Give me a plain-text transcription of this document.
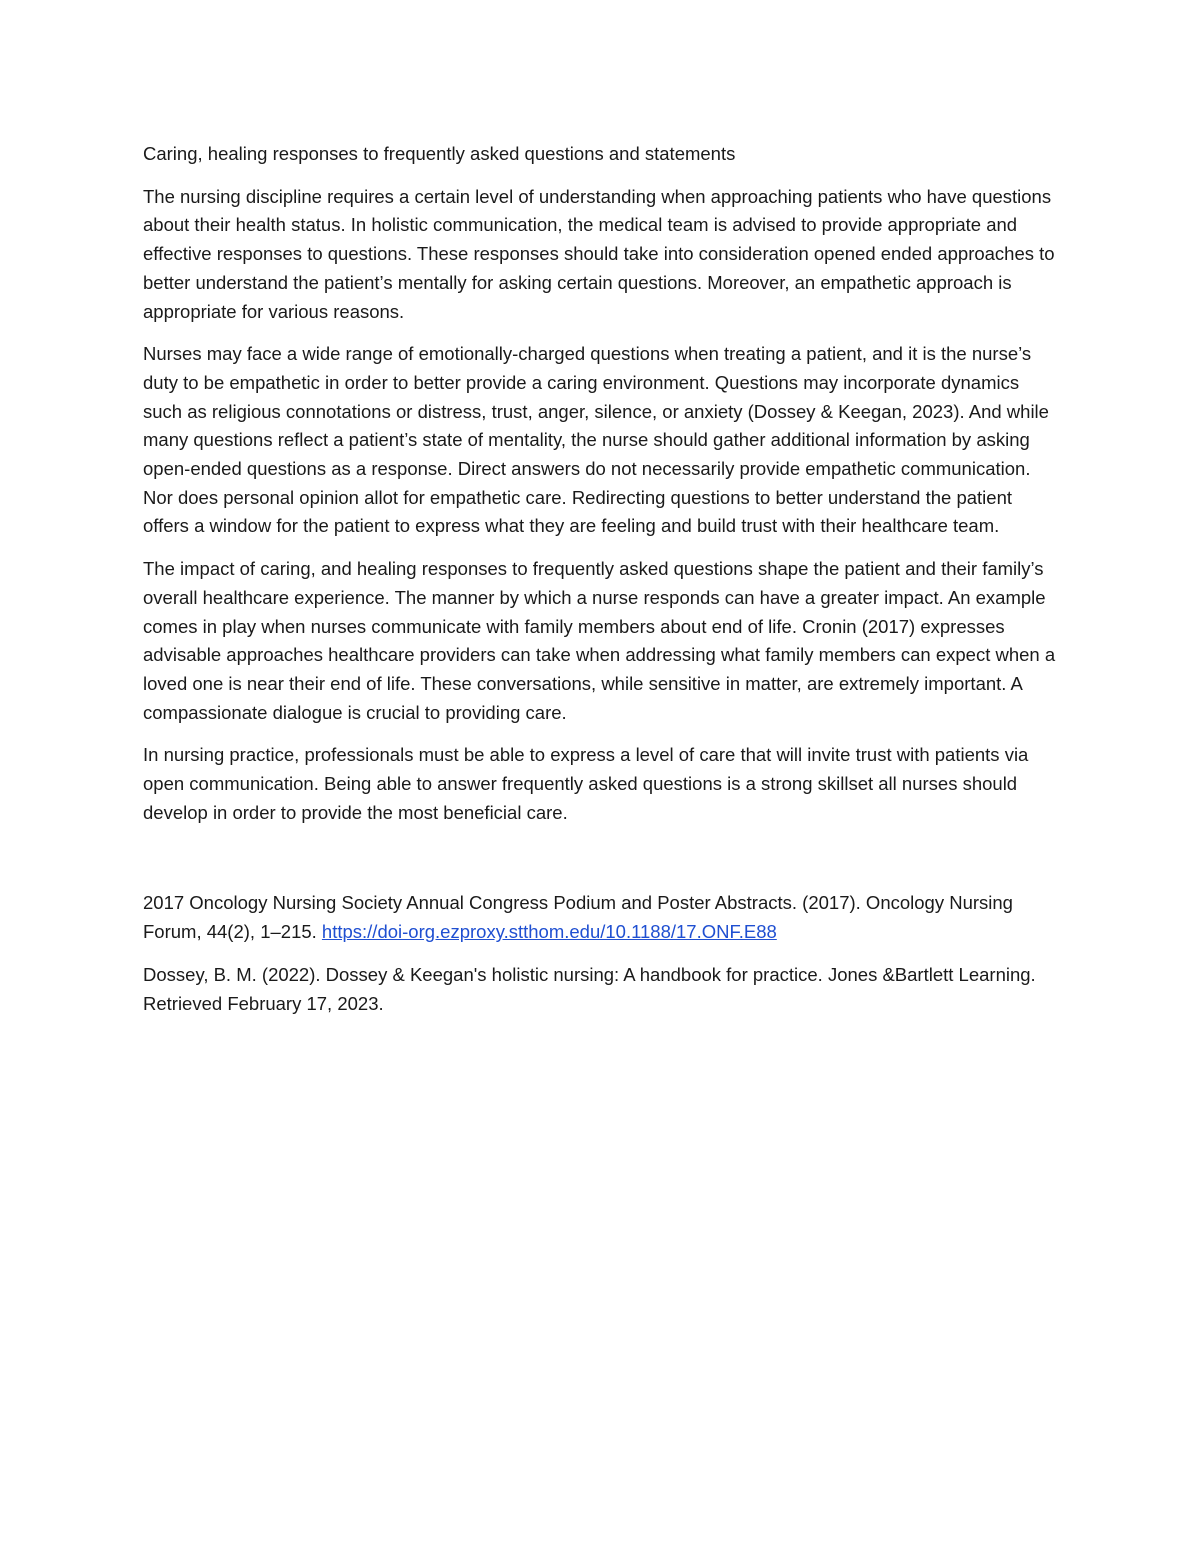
Caring, healing responses to frequently asked questions and statements

The nursing discipline requires a certain level of understanding when approaching patients who have questions about their health status. In holistic communication, the medical team is advised to provide appropriate and effective responses to questions. These responses should take into consideration opened ended approaches to better understand the patient’s mentally for asking certain questions. Moreover, an empathetic approach is appropriate for various reasons.

Nurses may face a wide range of emotionally-charged questions when treating a patient, and it is the nurse’s duty to be empathetic in order to better provide a caring environment. Questions may incorporate dynamics such as religious connotations or distress, trust, anger, silence, or anxiety (Dossey & Keegan, 2023). And while many questions reflect a patient’s state of mentality, the nurse should gather additional information by asking open-ended questions as a response. Direct answers do not necessarily provide empathetic communication. Nor does personal opinion allot for empathetic care. Redirecting questions to better understand the patient offers a window for the patient to express what they are feeling and build trust with their healthcare team.

The impact of caring, and healing responses to frequently asked questions shape the patient and their family’s overall healthcare experience. The manner by which a nurse responds can have a greater impact. An example comes in play when nurses communicate with family members about end of life. Cronin (2017) expresses advisable approaches healthcare providers can take when addressing what family members can expect when a loved one is near their end of life. These conversations, while sensitive in matter, are extremely important. A compassionate dialogue is crucial to providing care.

In nursing practice, professionals must be able to express a level of care that will invite trust with patients via open communication. Being able to answer frequently asked questions is a strong skillset all nurses should develop in order to provide the most beneficial care.

2017 Oncology Nursing Society Annual Congress Podium and Poster Abstracts. (2017). Oncology Nursing Forum, 44(2), 1–215. https://doi-org.ezproxy.stthom.edu/10.1188/17.ONF.E88

Dossey, B. M. (2022). Dossey & Keegan's holistic nursing: A handbook for practice. Jones &Bartlett Learning. Retrieved February 17, 2023.
